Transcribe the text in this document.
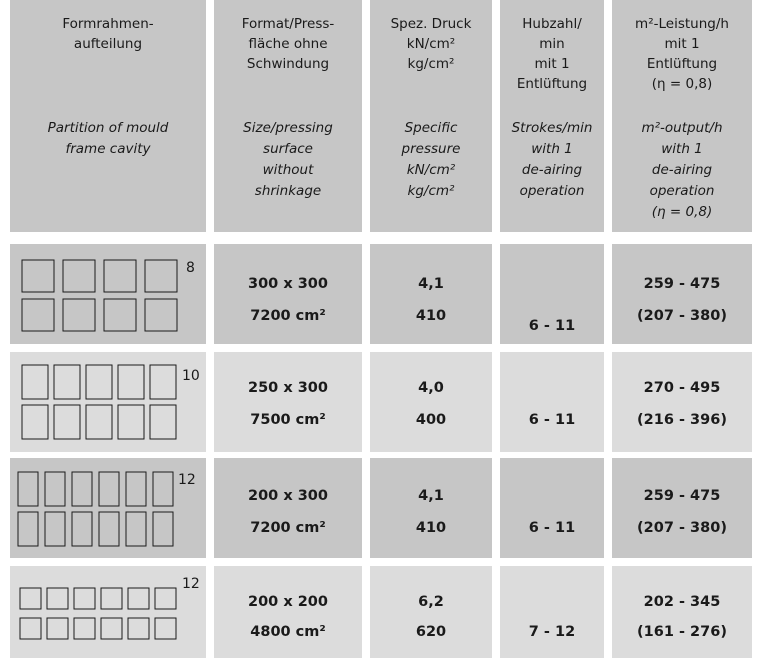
Formrahmen-
aufteilung
Partition of mould
frame cavity
8
10
12
12
Format/Press-
fläche ohne
Schwindung
Size/pressing
surface
without
shrinkage
300 x 300
7200 cm²
250 x 300
7500 cm²
200 x 300
7200 cm²
200 x 200
4800 cm²
Spez. Druck
kN/cm²
kg/cm²
Specific
pressure
kN/cm²
kg/cm²
4,1
410
4,0
400
4,1
410
6,2
620
Hubzahl/
min
mit 1
Entlüftung
Strokes/min
with 1
de-airing
operation
6 - 11
6 - 11
6 - 11
7 - 12
m²-Leistung/h
mit 1
Entlüftung
(η = 0,8)
m²-output/h
with 1
de-airing
operation
(η = 0,8)
259 - 475
(207 - 380)
270 - 495
(216 - 396)
259 - 475
(207 - 380)
202 - 345
(161 - 276)
